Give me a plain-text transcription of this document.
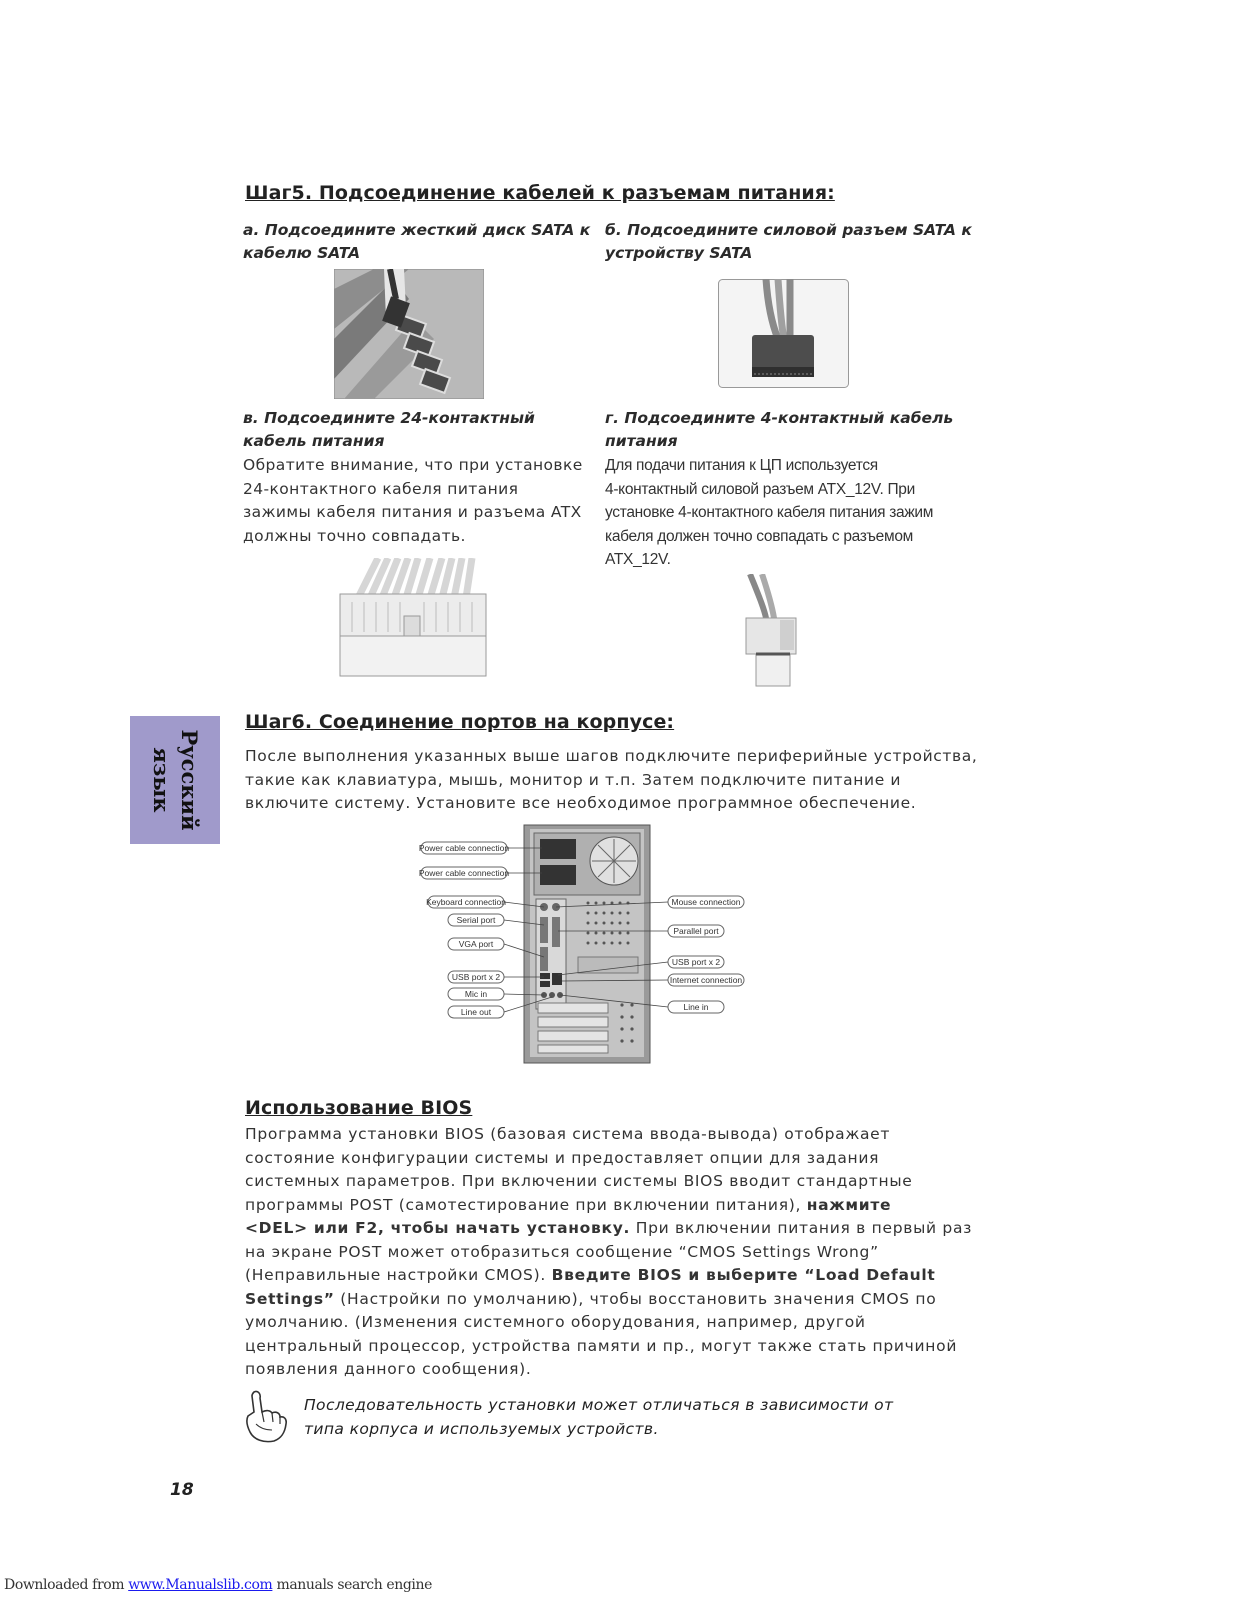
Шаг5. Подсоединение кабелей к разъемам питания:
а. Подсоедините жесткий диск SATA к
кабелю SATA
б. Подсоедините силовой разъем SATA к
устройству SATA
в. Подсоедините 24-контактный
кабель питания
Обратите внимание, что при установке
24-контактного кабеля питания
зажимы кабеля питания и разъема ATX
должны точно совпадать.
г. Подсоедините 4-контактный кабель
питания
Для подачи питания к ЦП используется
4-контактный силовой разъем ATX_12V. При
установке 4-контактного кабеля питания зажим
кабеля должен точно совпадать с разъемом
ATX_12V.
Русский
язык
Шаг6. Соединение портов на корпусе:
После выполнения указанных выше шагов подключите периферийные устройства,
такие как клавиатура, мышь, монитор и т.п. Затем подключите питание и
включите систему. Установите все необходимое программное обеспечение.
Power cable connection
Power cable connection
Keyboard connection
Serial port
VGA port
USB port x 2
Mic in
Line out
Mouse connection
Parallel port
USB port x 2
Internet connection
Line in
Использование BIOS
Программа установки BIOS (базовая система ввода-вывода) отображает
состояние конфигурации системы и предоставляет опции для задания
системных параметров. При включении системы BIOS вводит стандартные
программы POST (самотестирование при включении питания), нажмите
<DEL> или F2, чтобы начать установку. При включении питания в первый раз
на экране POST может отобразиться сообщение “CMOS Settings Wrong”
(Неправильные настройки CMOS). Введите BIOS и выберите “Load Default
Settings” (Настройки по умолчанию), чтобы восстановить значения CMOS по
умолчанию. (Изменения системного оборудования, например, другой
центральный процессор, устройства памяти и пр., могут также стать причиной
появления данного сообщения).
Последовательность установки может отличаться в зависимости от
типа корпуса и используемых устройств.
18
Downloaded from www.Manualslib.com manuals search engine
